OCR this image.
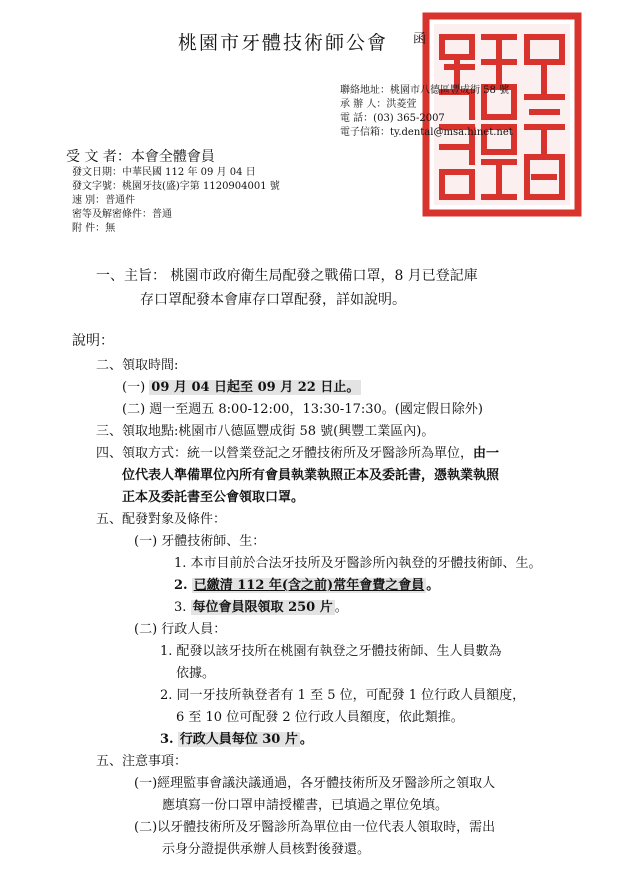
桃園市牙體技術師公會 函
聯絡地址：桃園市八德區豐成街 58 號
承 辦 人：洪菱萱
電 話：(03) 365-2007
電子信箱：ty.dental@msa.hinet.net
受 文 者：本會全體會員
發文日期：中華民國 112 年 09 月 04 日
發文字號：桃園牙技(盛)字第 1120904001 號
速 別：普通件
密等及解密條件：普通
附 件：無
一、主旨： 桃園市政府衛生局配發之戰備口罩，8 月已登記庫
存口罩配發本會庫存口罩配發，詳如說明。
說明：
二、領取時間:
(一) 09 月 04 日起至 09 月 22 日止。
(二) 週一至週五 8:00-12:00，13:30-17:30。(國定假日除外)
三、領取地點:桃園市八德區豐成街 58 號(興豐工業區內)。
四、領取方式：統一以營業登記之牙體技術所及牙醫診所為單位，由一
位代表人準備單位內所有會員執業執照正本及委託書，憑執業執照
正本及委託書至公會領取口罩。
五、配發對象及條件：
(一) 牙體技術師、生：
1. 本市目前於合法牙技所及牙醫診所內執登的牙體技術師、生。
2. 已繳清 112 年(含之前)常年會費之會員 。
3. 每位會員限領取 250 片 。
(二) 行政人員：
1. 配發以該牙技所在桃園有執登之牙體技術師、生人員數為
依據。
2. 同一牙技所執登者有 1 至 5 位，可配發 1 位行政人員額度，
6 至 10 位可配發 2 位行政人員額度，依此類推。
3. 行政人員每位 30 片 。
五、注意事項：
(一)經理監事會議決議通過，各牙體技術所及牙醫診所之領取人
應填寫一份口罩申請授權書，已填過之單位免填。
(二)以牙體技術所及牙醫診所為單位由一位代表人領取時，需出
示身分證提供承辦人員核對後發還。
